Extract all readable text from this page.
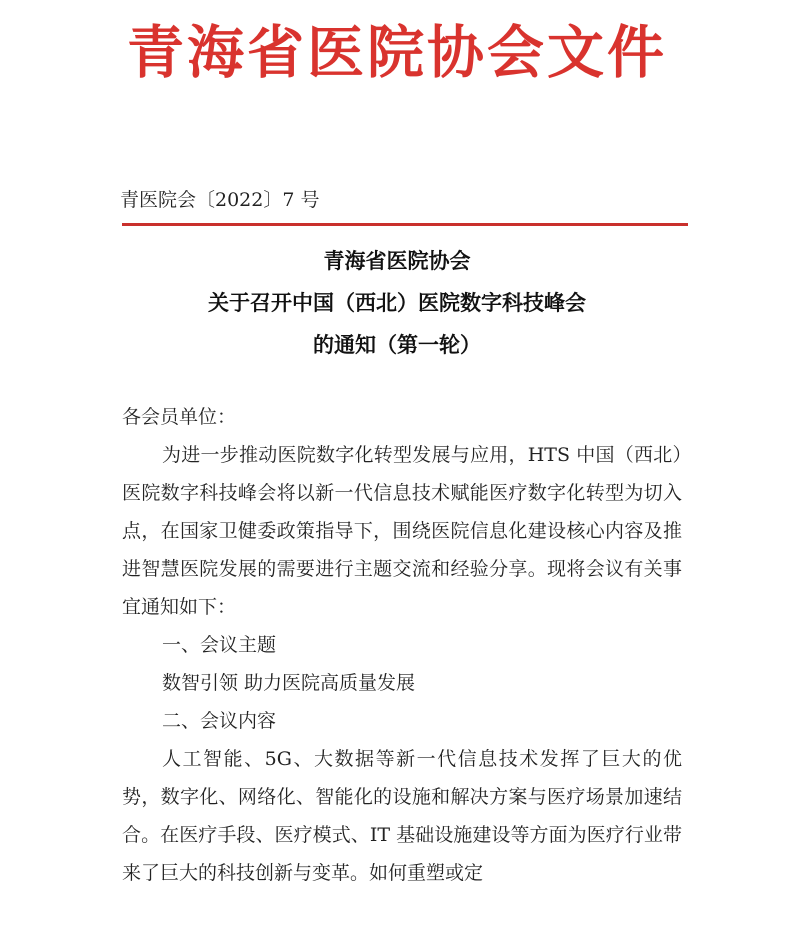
青海省医院协会文件
青医院会〔2022〕7 号
青海省医院协会
关于召开中国（西北）医院数字科技峰会
的通知（第一轮）

各会员单位：

为进一步推动医院数字化转型发展与应用，HTS 中国（西北）医院数字科技峰会将以新一代信息技术赋能医疗数字化转型为切入点，在国家卫健委政策指导下，围绕医院信息化建设核心内容及推进智慧医院发展的需要进行主题交流和经验分享。现将会议有关事宜通知如下：

一、会议主题

数智引领 助力医院高质量发展

二、会议内容

人工智能、5G、大数据等新一代信息技术发挥了巨大的优势，数字化、网络化、智能化的设施和解决方案与医疗场景加速结合。在医疗手段、医疗模式、IT 基础设施建设等方面为医疗行业带来了巨大的科技创新与变革。如何重塑或定
